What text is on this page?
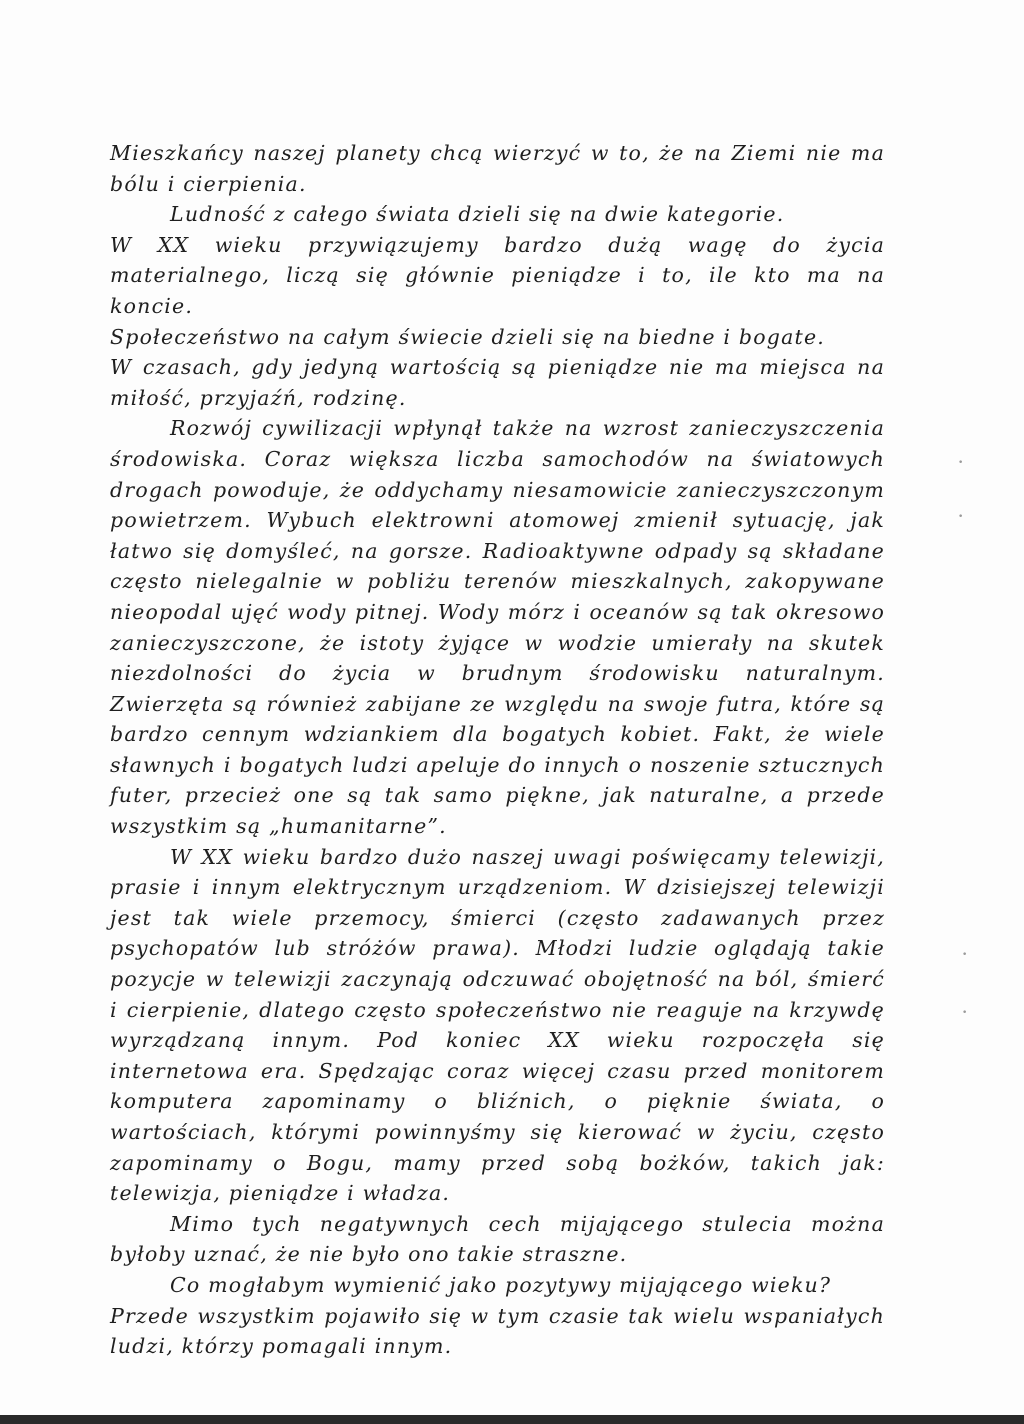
Mieszkańcy naszej planety chcą wierzyć w to, że na Ziemi nie ma bólu i cierpienia.

Ludność z całego świata dzieli się na dwie kategorie.

W XX wieku przywiązujemy bardzo dużą wagę do życia materialnego, liczą się głównie pieniądze i to, ile kto ma na koncie.

Społeczeństwo na całym świecie dzieli się na biedne i bogate.

W czasach, gdy jedyną wartością są pieniądze nie ma miejsca na miłość, przyjaźń, rodzinę.

Rozwój cywilizacji wpłynął także na wzrost zanieczyszczenia środowiska. Coraz większa liczba samochodów na światowych drogach powoduje, że oddychamy niesamowicie zanieczyszczonym powietrzem. Wybuch elektrowni atomowej zmienił sytuację, jak łatwo się domyśleć, na gorsze. Radioaktywne odpady są składane często nielegalnie w pobliżu terenów mieszkalnych, zakopywane nieopodal ujęć wody pitnej. Wody mórz i oceanów są tak okresowo zanieczyszczone, że istoty żyjące w wodzie umierały na skutek niezdolności do życia w brudnym środowisku naturalnym. Zwierzęta są również zabijane ze względu na swoje futra, które są bardzo cennym wdziankiem dla bogatych kobiet. Fakt, że wiele sławnych i bogatych ludzi apeluje do innych o noszenie sztucznych futer, przecież one są tak samo piękne, jak naturalne, a przede wszystkim są „humanitarne”.

W XX wieku bardzo dużo naszej uwagi poświęcamy telewizji, prasie i innym elektrycznym urządzeniom. W dzisiejszej telewizji jest tak wiele przemocy, śmierci (często zadawanych przez psychopatów lub stróżów prawa). Młodzi ludzie oglądają takie pozycje w telewizji zaczynają odczuwać obojętność na ból, śmierć i cierpienie, dlatego często społeczeństwo nie reaguje na krzywdę wyrządzaną innym. Pod koniec XX wieku rozpoczęła się internetowa era. Spędzając coraz więcej czasu przed monitorem komputera zapominamy o bliźnich, o pięknie świata, o wartościach, którymi powinnyśmy się kierować w życiu, często zapominamy o Bogu, mamy przed sobą bożków, takich jak: telewizja, pieniądze i władza.

Mimo tych negatywnych cech mijającego stulecia można byłoby uznać, że nie było ono takie straszne.

Co mogłabym wymienić jako pozytywy mijającego wieku?

Przede wszystkim pojawiło się w tym czasie tak wielu wspaniałych ludzi, którzy pomagali innym.

•
•
•
•
